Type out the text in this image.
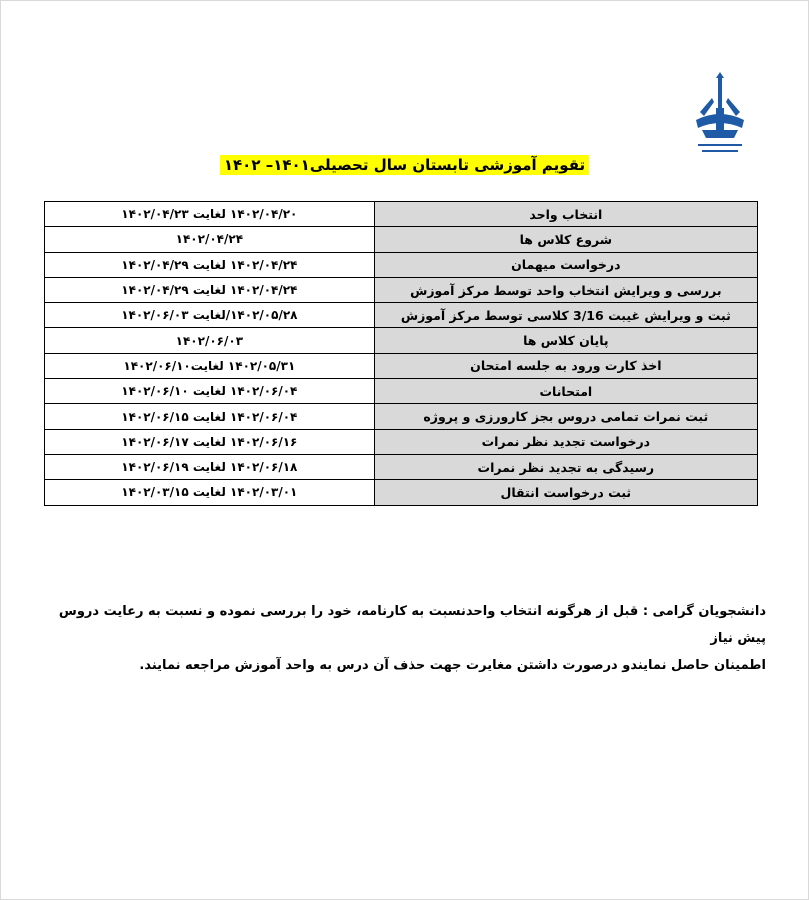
تقویم آموزشی تابستان سال تحصیلی۱۴۰۱– ۱۴۰۲
انتخاب واحد	۱۴۰۲/۰۴/۲۰ لغایت ۱۴۰۲/۰۴/۲۳
شروع کلاس ها	۱۴۰۲/۰۴/۲۴
درخواست میهمان	۱۴۰۲/۰۴/۲۴ لغایت ۱۴۰۲/۰۴/۲۹
بررسی و ویرایش انتخاب واحد توسط مرکز آموزش	۱۴۰۲/۰۴/۲۴ لغایت ۱۴۰۲/۰۴/۲۹
ثبت و ویرایش غیبت 3/16 کلاسی توسط مرکز آموزش	۱۴۰۲/۰۵/۲۸/لغایت ۱۴۰۲/۰۶/۰۳
پایان کلاس ها	۱۴۰۲/۰۶/۰۳
اخذ کارت ورود به جلسه امتحان	۱۴۰۲/۰۵/۳۱ لغایت۱۴۰۲/۰۶/۱۰
امتحانات	۱۴۰۲/۰۶/۰۴ لغایت ۱۴۰۲/۰۶/۱۰
ثبت نمرات تمامی دروس بجز کارورزی و پروژه	۱۴۰۲/۰۶/۰۴ لغایت ۱۴۰۲/۰۶/۱۵
درخواست تجدید نظر نمرات	۱۴۰۲/۰۶/۱۶ لغایت ۱۴۰۲/۰۶/۱۷
رسیدگی به تجدید نظر نمرات	۱۴۰۲/۰۶/۱۸ لغایت ۱۴۰۲/۰۶/۱۹
ثبت درخواست انتقال	۱۴۰۲/۰۳/۰۱ لغایت ۱۴۰۲/۰۳/۱۵
دانشجویان گرامی : قبل از هرگونه انتخاب واحدنسبت به کارنامه، خود را بررسی نموده و نسبت به رعایت دروس پیش نیاز
اطمینان حاصل نمایندو درصورت داشتن مغایرت جهت حذف آن درس به واحد آموزش مراجعه نمایند.
